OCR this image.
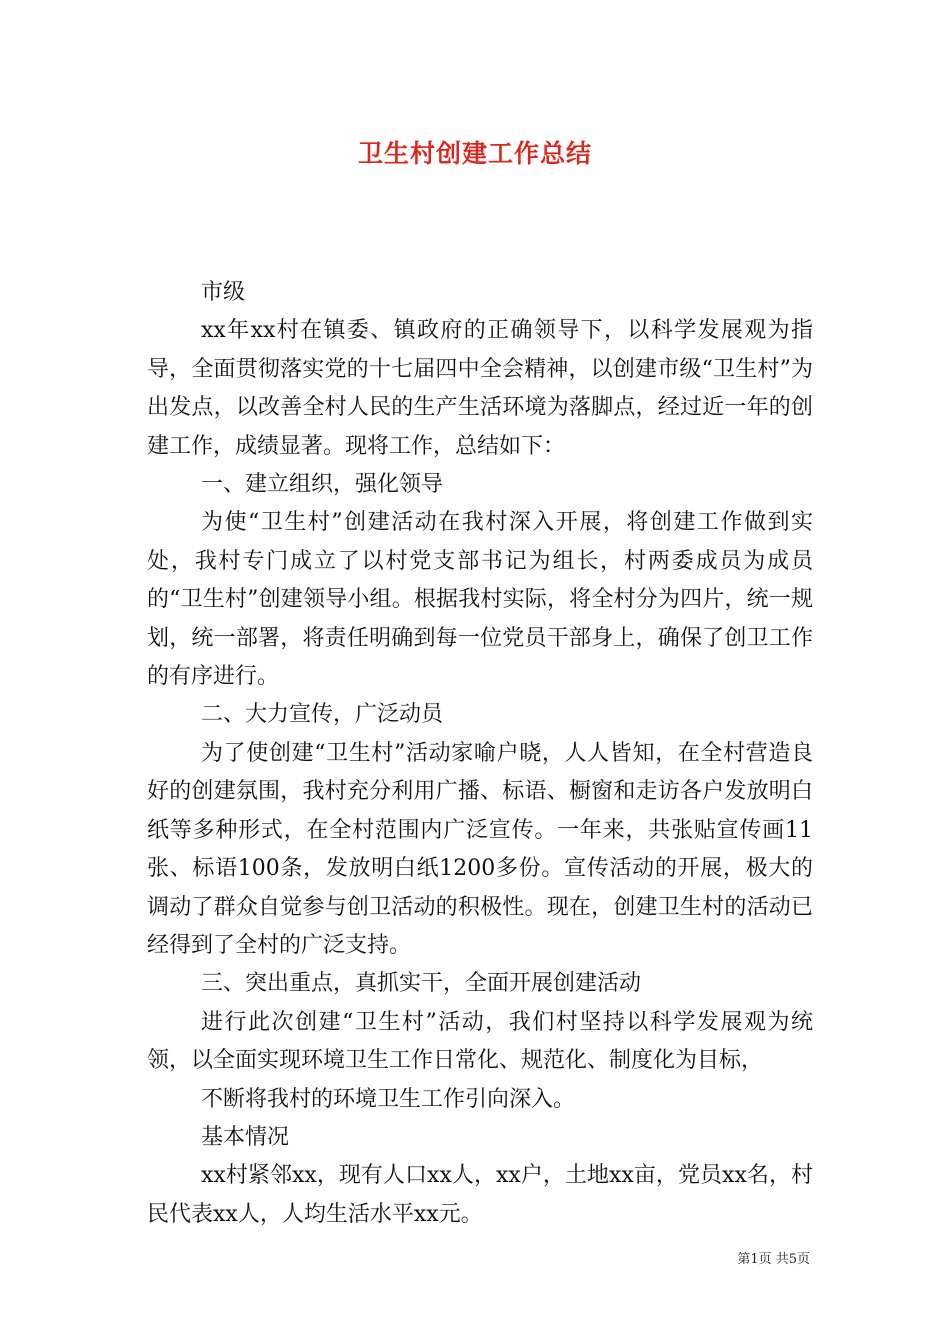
卫生村创建工作总结

市级

xx年xx村在镇委、镇政府的正确领导下，以科学发展观为指导，全面贯彻落实党的十七届四中全会精神，以创建市级“卫生村”为出发点，以改善全村人民的生产生活环境为落脚点，经过近一年的创建工作，成绩显著。现将工作，总结如下：

一、建立组织，强化领导

为使“卫生村”创建活动在我村深入开展，将创建工作做到实处，我村专门成立了以村党支部书记为组长，村两委成员为成员的“卫生村”创建领导小组。根据我村实际，将全村分为四片，统一规划，统一部署，将责任明确到每一位党员干部身上，确保了创卫工作的有序进行。

二、大力宣传，广泛动员

为了使创建“卫生村”活动家喻户晓，人人皆知，在全村营造良好的创建氛围，我村充分利用广播、标语、橱窗和走访各户发放明白纸等多种形式，在全村范围内广泛宣传。一年来，共张贴宣传画11张、标语100条，发放明白纸1200多份。宣传活动的开展，极大的调动了群众自觉参与创卫活动的积极性。现在，创建卫生村的活动已经得到了全村的广泛支持。

三、突出重点，真抓实干，全面开展创建活动

进行此次创建“卫生村”活动，我们村坚持以科学发展观为统领，以全面实现环境卫生工作日常化、规范化、制度化为目标，

不断将我村的环境卫生工作引向深入。

基本情况

xx村紧邻xx，现有人口xx人，xx户，土地xx亩，党员xx名，村民代表xx人，人均生活水平xx元。

第1页 共5页
